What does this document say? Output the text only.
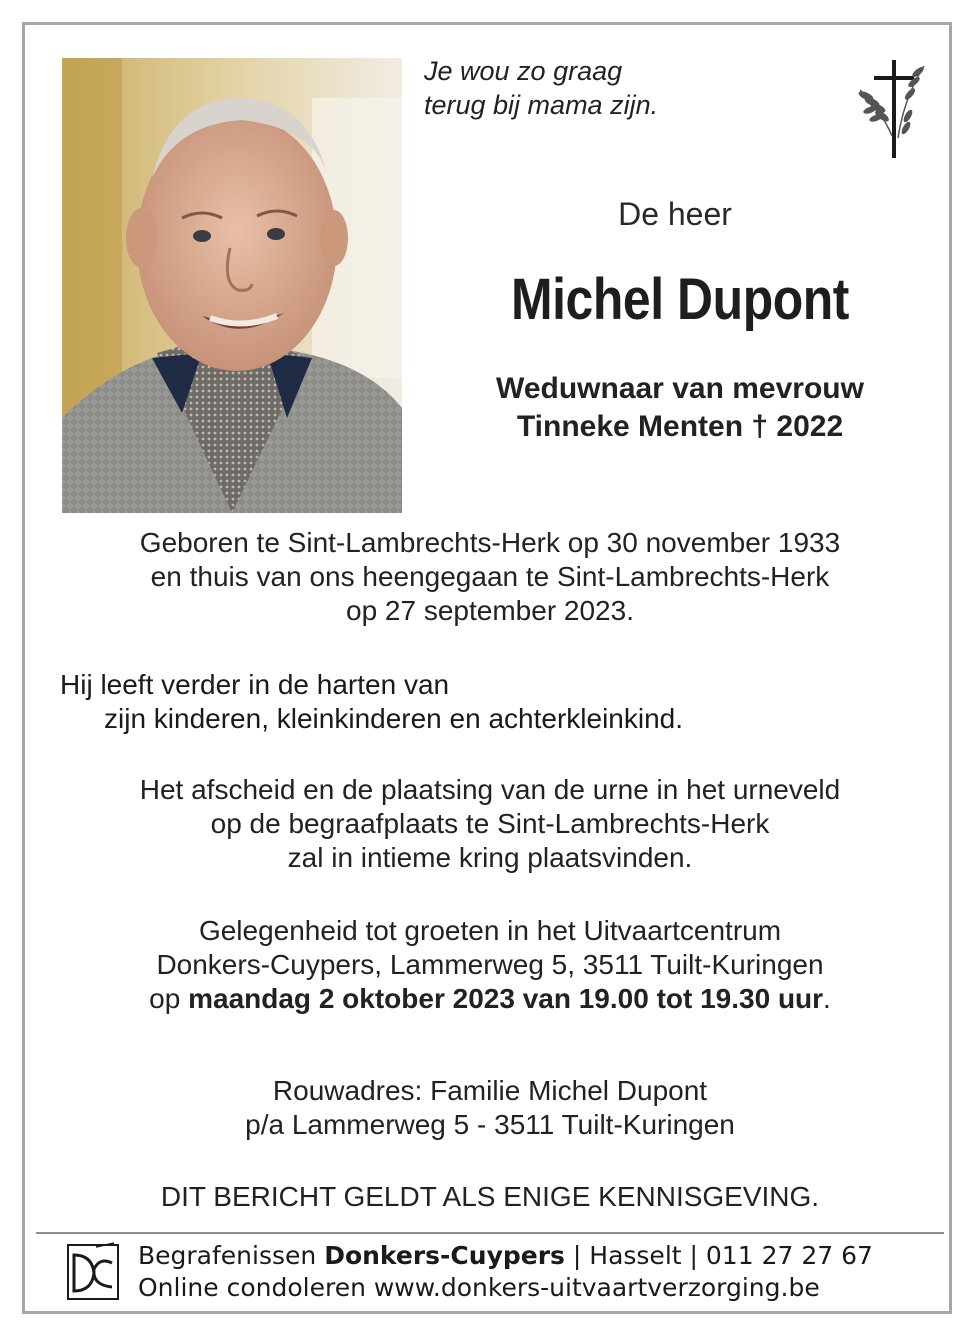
Je wou zo graag
terug bij mama zijn.
De heer
Michel Dupont
Weduwnaar van mevrouw
Tinneke Menten † 2022
Geboren te Sint-Lambrechts-Herk op 30 november 1933
en thuis van ons heengegaan te Sint-Lambrechts-Herk
op 27 september 2023.
Hij leeft verder in de harten van
zijn kinderen, kleinkinderen en achterkleinkind.
Het afscheid en de plaatsing van de urne in het urneveld
op de begraafplaats te Sint-Lambrechts-Herk
zal in intieme kring plaatsvinden.
Gelegenheid tot groeten in het Uitvaartcentrum
Donkers-Cuypers, Lammerweg 5, 3511 Tuilt-Kuringen
op maandag 2 oktober 2023 van 19.00 tot 19.30 uur.
Rouwadres: Familie Michel Dupont
p/a Lammerweg 5 - 3511 Tuilt-Kuringen
DIT BERICHT GELDT ALS ENIGE KENNISGEVING.
Begrafenissen Donkers-Cuypers | Hasselt | 011 27 27 67
Online condoleren www.donkers-uitvaartverzorging.be
